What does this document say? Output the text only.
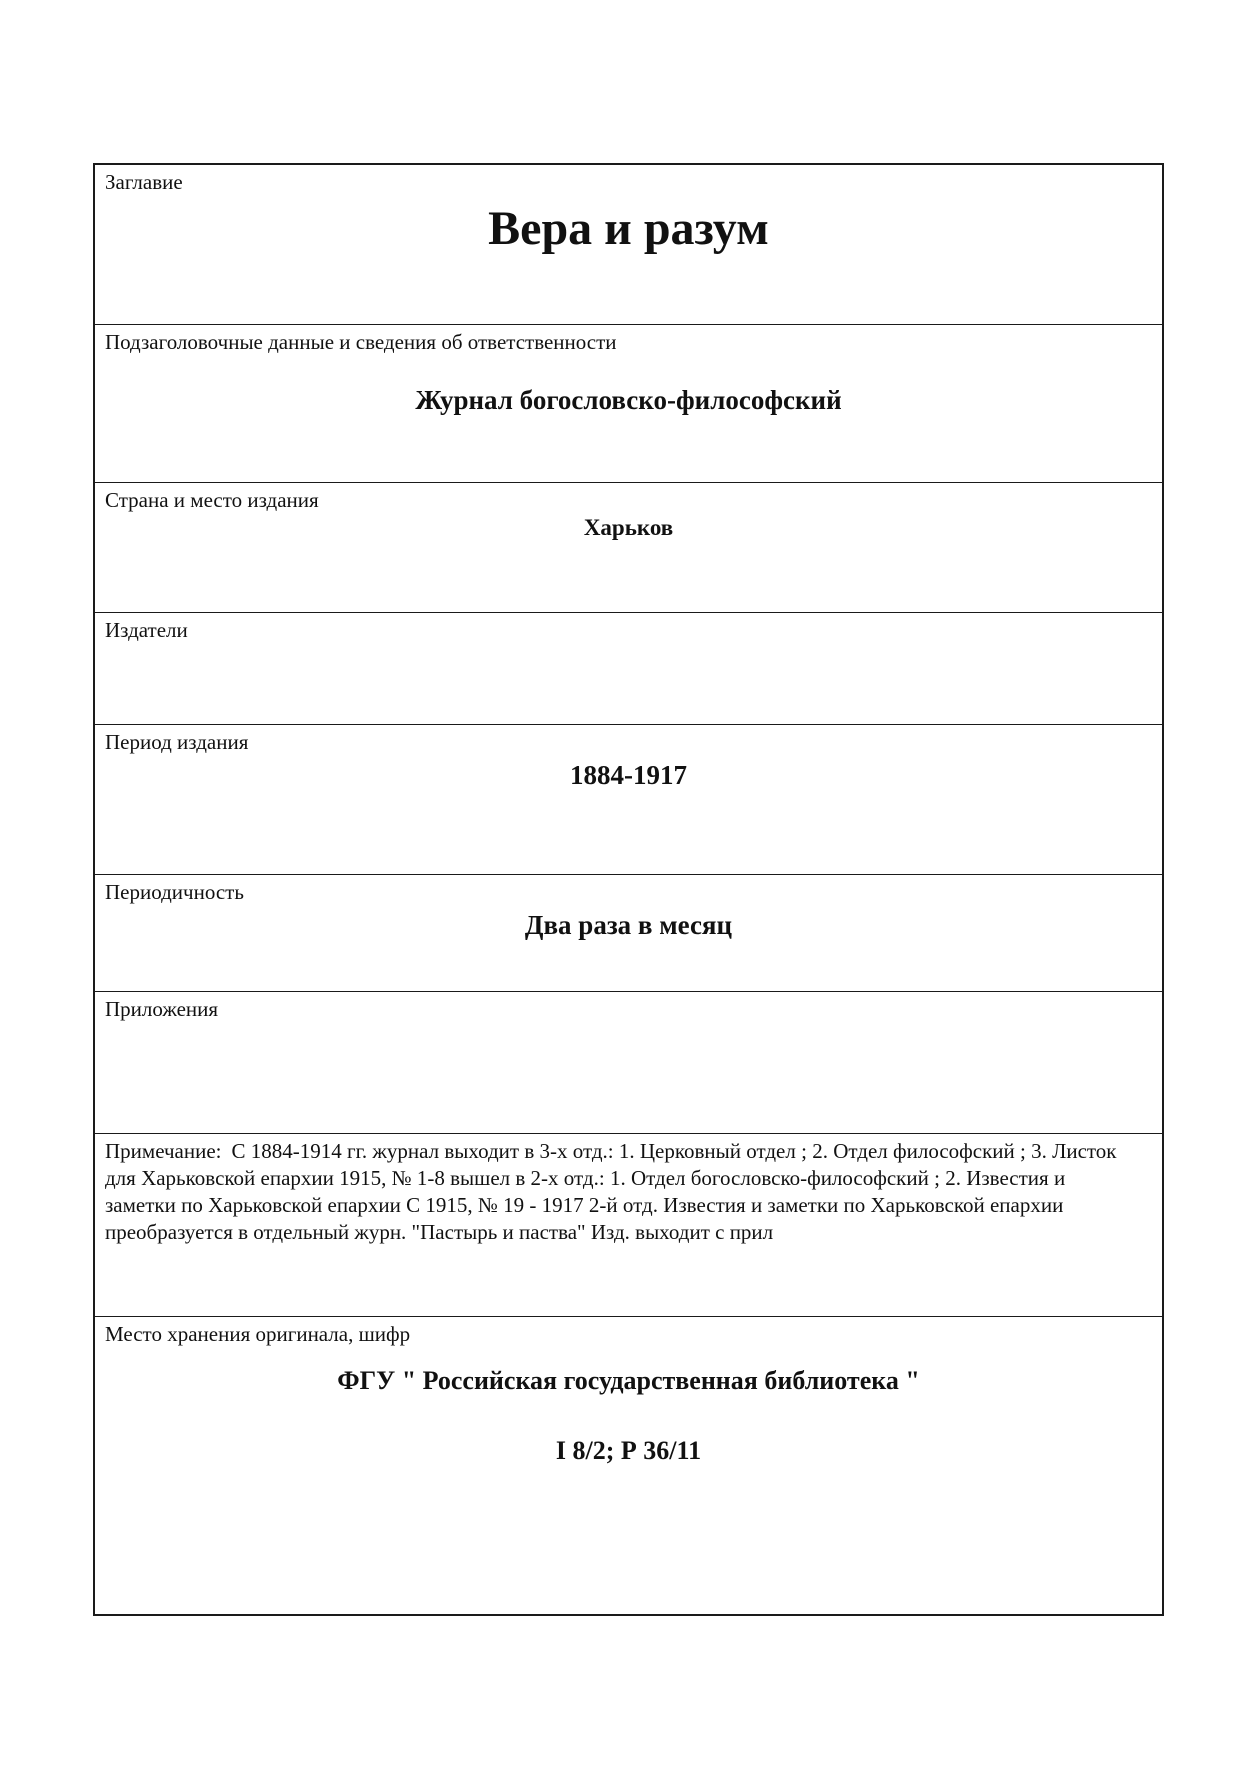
Заглавие
Вера и разум
Подзаголовочные данные и сведения об ответственности
Журнал богословско-философский
Страна и место издания
Харьков
Издатели
Период издания
1884-1917
Периодичность
Два раза в месяц
Приложения
Примечание: С 1884-1914 гг. журнал выходит в 3-х отд.: 1. Церковный отдел ; 2. Отдел философский ; 3. Листок для Харьковской епархии 1915, № 1-8 вышел в 2-х отд.: 1. Отдел богословско-философский ; 2. Известия и заметки по Харьковской епархии С 1915, № 19 - 1917 2-й отд. Известия и заметки по Харьковской епархии преобразуется в отдельный журн. "Пастырь и паства" Изд. выходит с прил
Место хранения оригинала, шифр
ФГУ " Российская государственная библиотека "
I 8/2; Р 36/11
